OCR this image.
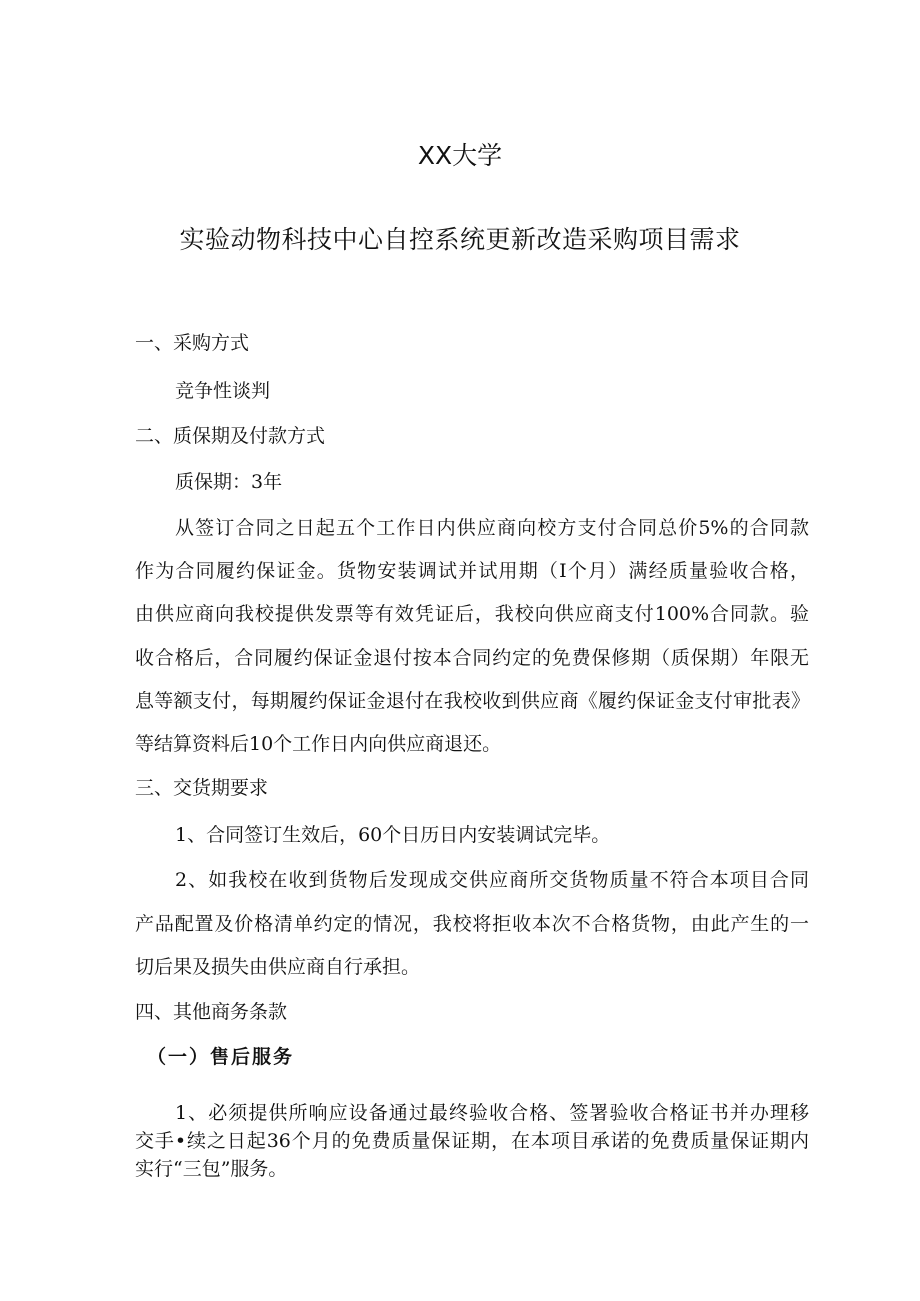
XX大学
实验动物科技中心自控系统更新改造采购项目需求
一、采购方式
竞争性谈判
二、质保期及付款方式
质保期：3年
从签订合同之日起五个工作日内供应商向校方支付合同总价5%的合同款
作为合同履约保证金。货物安装调试并试用期（I个月）满经质量验收合格，
由供应商向我校提供发票等有效凭证后，我校向供应商支付100%合同款。验
收合格后，合同履约保证金退付按本合同约定的免费保修期（质保期）年限无
息等额支付，每期履约保证金退付在我校收到供应商《履约保证金支付审批表》
等结算资料后10个工作日内向供应商退还。
三、交货期要求
1、合同签订生效后，60个日历日内安装调试完毕。
2、如我校在收到货物后发现成交供应商所交货物质量不符合本项目合同
产品配置及价格清单约定的情况，我校将拒收本次不合格货物，由此产生的一
切后果及损失由供应商自行承担。
四、其他商务条款
（一）售后服务
1、必须提供所响应设备通过最终验收合格、签署验收合格证书并办理移
交手•续之日起36个月的免费质量保证期，在本项目承诺的免费质量保证期内
实行“三包”服务。
